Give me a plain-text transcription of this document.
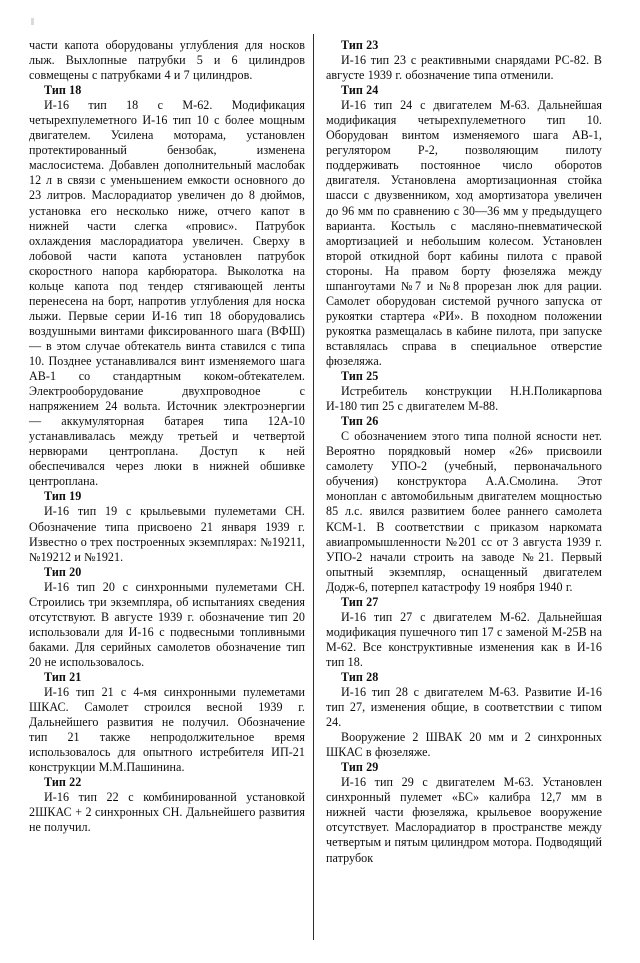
части капота оборудованы углубления для носков лыж. Выхлопные патрубки 5 и 6 цилиндров совмещены с патрубками 4 и 7 цилиндров.

Тип 18

И-16 тип 18 с М-62. Модификация четырехпулеметного И-16 тип 10 с более мощным двигателем. Усилена моторама, установлен протектированный бензобак, изменена маслосистема. Добавлен дополнительный маслобак 12 л в связи с уменьшением емкости основного до 23 литров. Маслорадиатор увеличен до 8 дюймов, установка его несколько ниже, отчего капот в нижней части слегка «провис». Патрубок охлаждения маслорадиатора увеличен. Сверху в лобовой части капота установлен патрубок скоростного напора карбюратора. Выколотка на кольце капота под тендер стягивающей ленты перенесена на борт, напротив углубления для носка лыжи. Первые серии И-16 тип 18 оборудовались воздушными винтами фиксированного шага (ВФШ) — в этом случае обтекатель винта ставился с типа 10. Позднее устанавливался винт изменяемого шага АВ-1 со стандартным коком-обтекателем. Электрооборудование двухпроводное с напряжением 24 вольта. Источник электроэнергии — аккумуляторная батарея типа 12А-10 устанавливалась между третьей и четвертой нервюрами центроплана. Доступ к ней обеспечивался через люки в нижней обшивке центроплана.

Тип 19

И-16 тип 19 с крыльевыми пулеметами СН. Обозначение типа присвоено 21 января 1939 г. Известно о трех построенных экземплярах: №19211, №19212 и №1921.

Тип 20

И-16 тип 20 с синхронными пулеметами СН. Строились три экземпляра, об испытаниях сведения отсутствуют. В августе 1939 г. обозначение тип 20 использовали для И-16 с подвесными топливными баками. Для серийных самолетов обозначение тип 20 не использовалось.

Тип 21

И-16 тип 21 с 4-мя синхронными пулеметами ШКАС. Самолет строился весной 1939 г. Дальнейшего развития не получил. Обозначение тип 21 также непродолжительное время использовалось для опытного истребителя ИП-21 конструкции М.М.Пашинина.

Тип 22

И-16 тип 22 с комбинированной установкой 2ШКАС + 2 синхронных СН. Дальнейшего развития не получил.

Тип 23

И-16 тип 23 с реактивными снарядами РС-82. В августе 1939 г. обозначение типа отменили.

Тип 24

И-16 тип 24 с двигателем М-63. Дальнейшая модификация четырехпулеметного тип 10. Оборудован винтом изменяемого шага АВ-1, регулятором Р-2, позволяющим пилоту поддерживать постоянное число оборотов двигателя. Установлена амортизационная стойка шасси с двузвенником, ход амортизатора увеличен до 96 мм по сравнению с 30—36 мм у предыдущего варианта. Костыль с масляно-пневматической амортизацией и небольшим колесом. Установлен второй откидной борт кабины пилота с правой стороны. На правом борту фюзеляжа между шпангоутами №7 и №8 прорезан люк для рации. Самолет оборудован системой ручного запуска от рукоятки стартера «РИ». В походном положении рукоятка размещалась в кабине пилота, при запуске вставлялась справа в специальное отверстие фюзеляжа.

Тип 25

Истребитель конструкции Н.Н.Поликарпова И-180 тип 25 с двигателем М-88.

Тип 26

С обозначением этого типа полной ясности нет. Вероятно порядковый номер «26» присвоили самолету УПО-2 (учебный, первоначального обучения) конструктора А.А.Смолина. Этот моноплан с автомобильным двигателем мощностью 85 л.с. явился развитием более раннего самолета КСМ-1. В соответствии с приказом наркомата авиапромышленности №201 сс от 3 августа 1939 г. УПО-2 начали строить на заводе №21. Первый опытный экземпляр, оснащенный двигателем Додж-6, потерпел катастрофу 19 ноября 1940 г.

Тип 27

И-16 тип 27 с двигателем М-62. Дальнейшая модификация пушечного тип 17 с заменой М-25В на М-62. Все конструктивные изменения как в И-16 тип 18.

Тип 28

И-16 тип 28 с двигателем М-63. Развитие И-16 тип 27, изменения общие, в соответствии с типом 24.

Вооружение 2 ШВАК 20 мм и 2 синхронных ШКАС в фюзеляже.

Тип 29

И-16 тип 29 с двигателем М-63. Установлен синхронный пулемет «БС» калибра 12,7 мм в нижней части фюзеляжа, крыльевое вооружение отсутствует. Маслорадиатор в пространстве между четвертым и пятым цилиндром мотора. Подводящий патрубок
